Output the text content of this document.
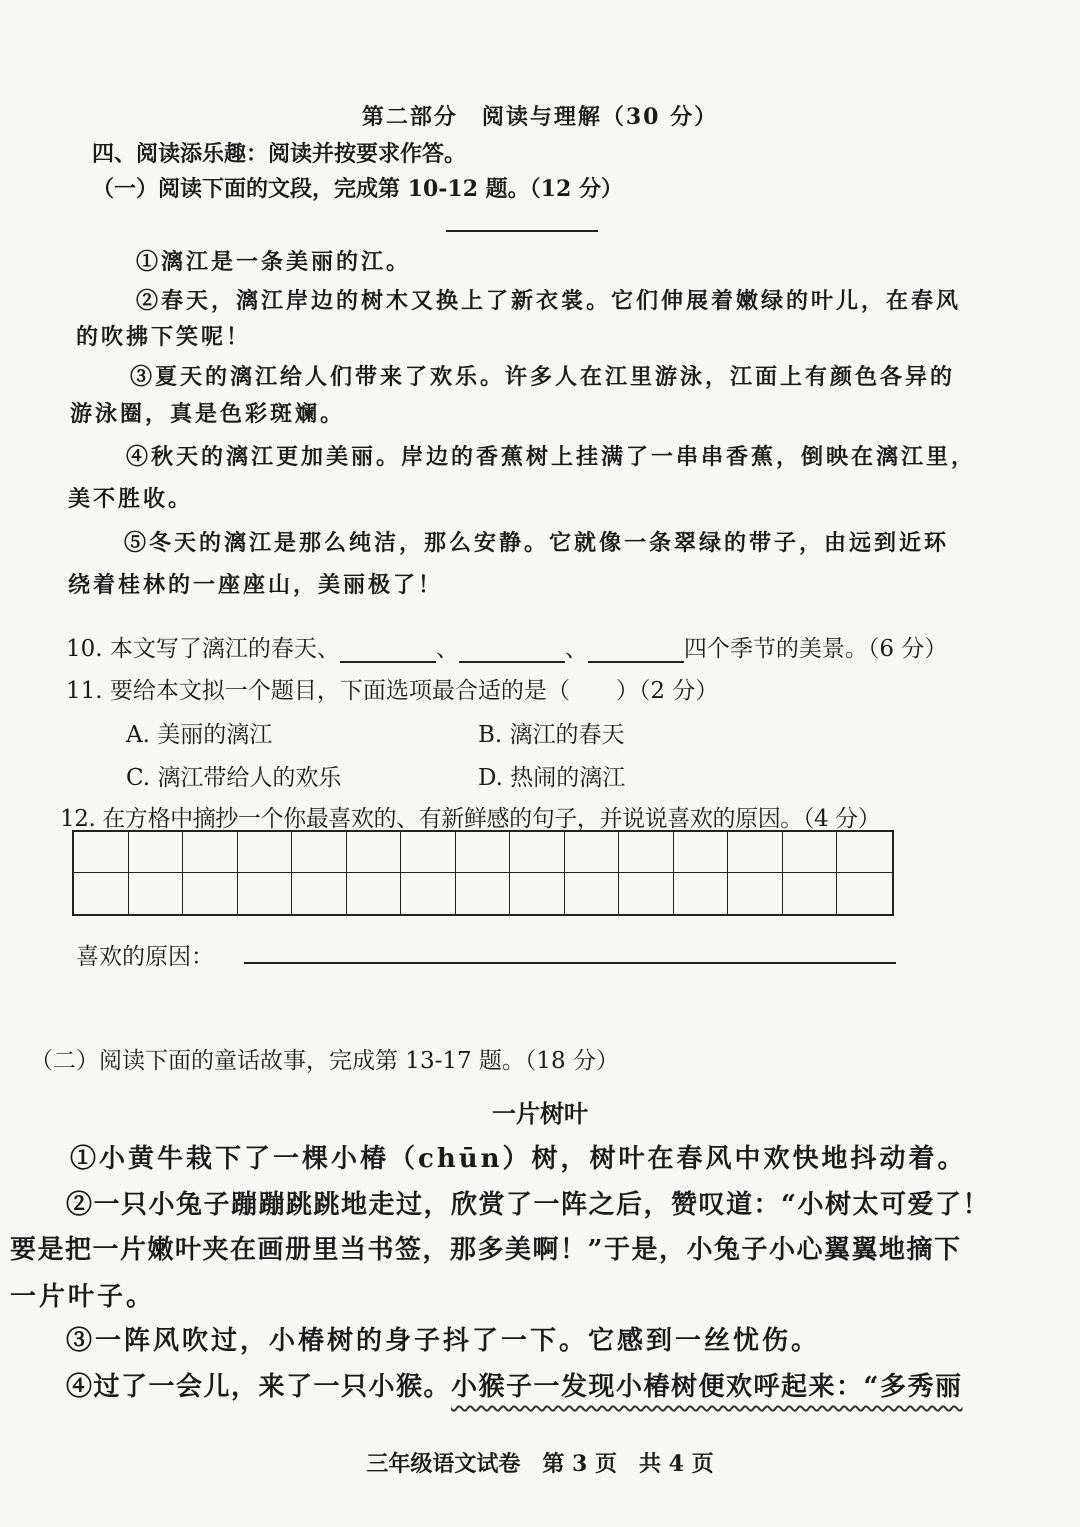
第二部分　阅读与理解（30 分）
四、阅读添乐趣：阅读并按要求作答。
（一）阅读下面的文段，完成第 10-12 题。（12 分）
①漓江是一条美丽的江。
②春天，漓江岸边的树木又换上了新衣裳。它们伸展着嫩绿的叶儿，在春风
的吹拂下笑呢！
③夏天的漓江给人们带来了欢乐。许多人在江里游泳，江面上有颜色各异的
游泳圈，真是色彩斑斓。
④秋天的漓江更加美丽。岸边的香蕉树上挂满了一串串香蕉，倒映在漓江里，
美不胜收。
⑤冬天的漓江是那么纯洁，那么安静。它就像一条翠绿的带子，由远到近环
绕着桂林的一座座山，美丽极了！
10. 本文写了漓江的春天、	、	、	四个季节的美景。（6 分）
11. 要给本文拟一个题目，下面选项最合适的是（　　）（2 分）
A. 美丽的漓江	B. 漓江的春天
C. 漓江带给人的欢乐	D. 热闹的漓江
12. 在方格中摘抄一个你最喜欢的、有新鲜感的句子，并说说喜欢的原因。（4 分）
喜欢的原因：
（二）阅读下面的童话故事，完成第 13-17 题。（18 分）
一片树叶
①小黄牛栽下了一棵小椿（chūn）树，树叶在春风中欢快地抖动着。
②一只小兔子蹦蹦跳跳地走过，欣赏了一阵之后，赞叹道：“小树太可爱了！
要是把一片嫩叶夹在画册里当书签，那多美啊！”于是，小兔子小心翼翼地摘下
一片叶子。
③一阵风吹过，小椿树的身子抖了一下。它感到一丝忧伤。
④过了一会儿，来了一只小猴。小猴子一发现小椿树便欢呼起来：“多秀丽
三年级语文试卷　第 3 页　共 4 页
